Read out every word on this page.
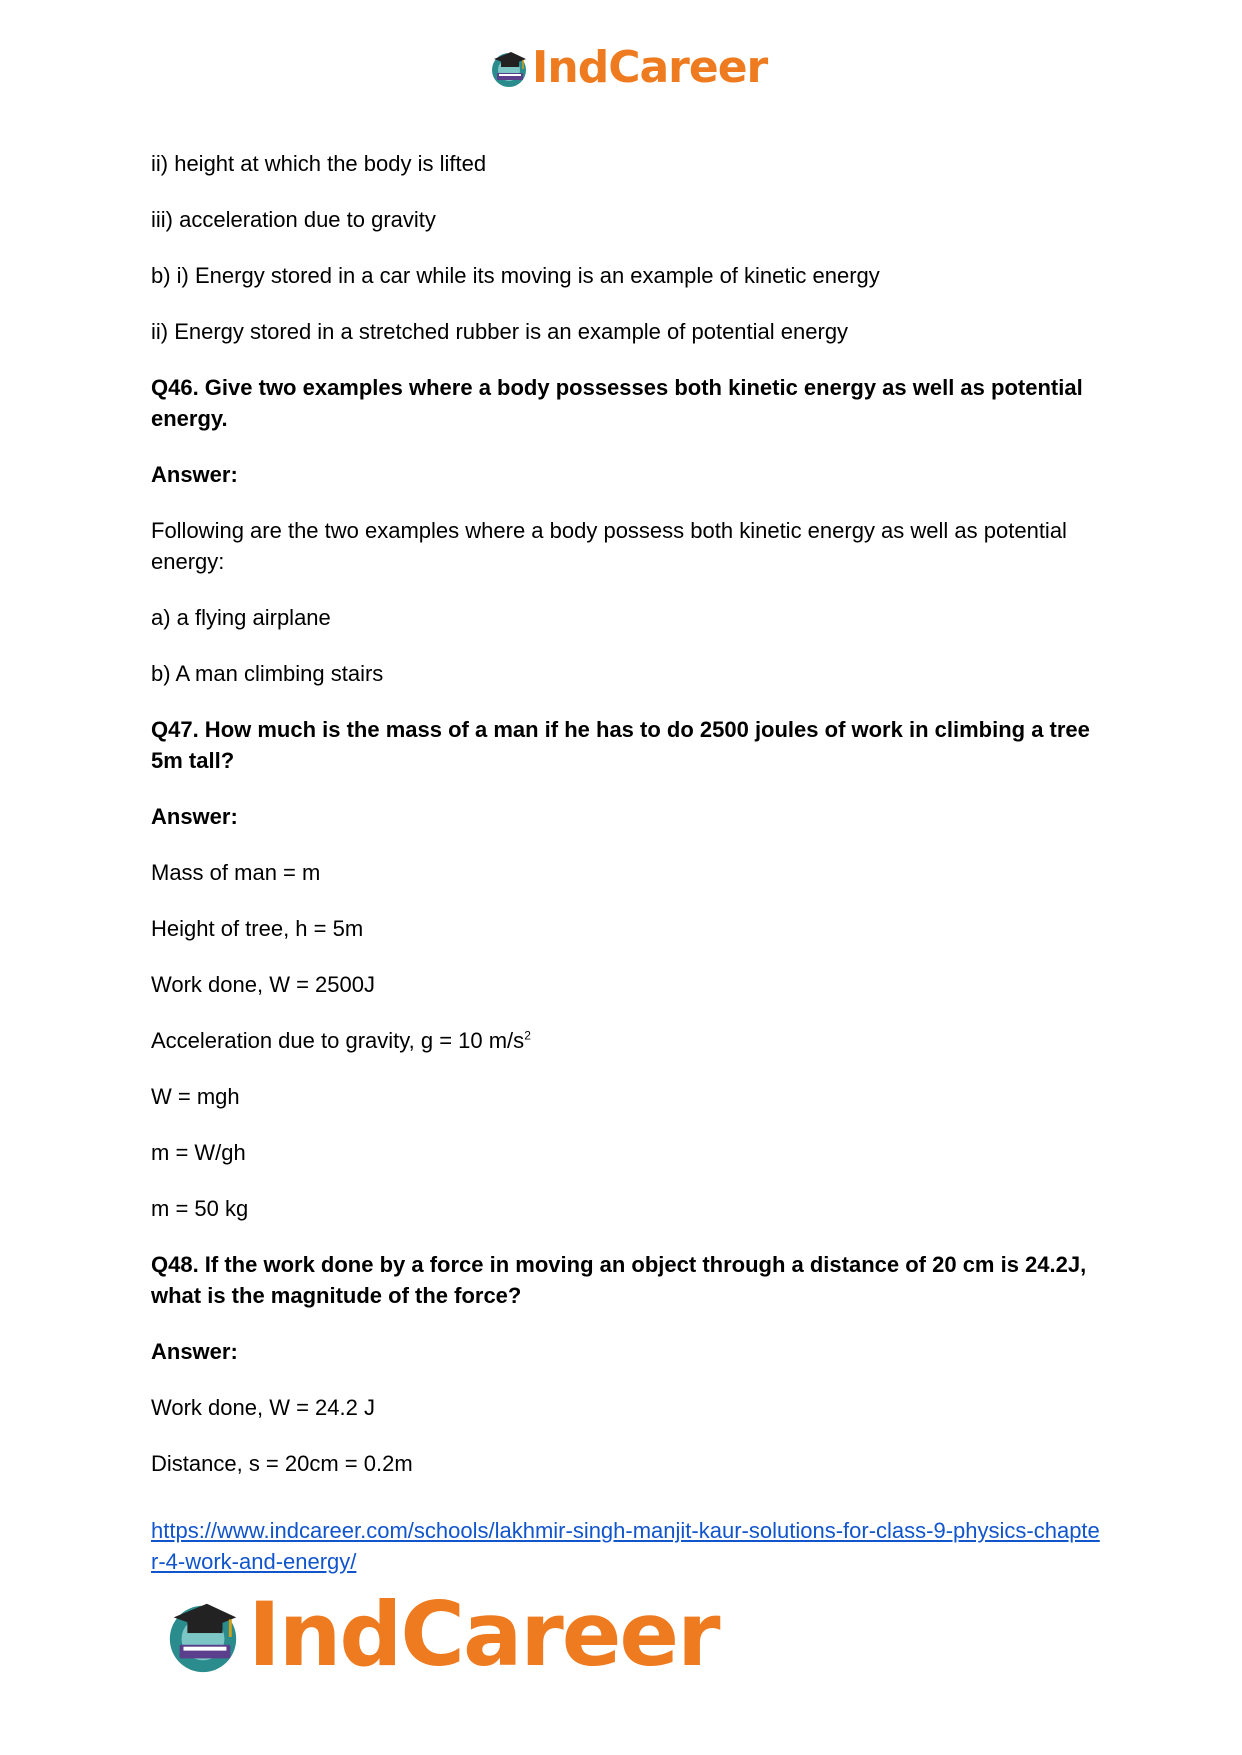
IndCareer

ii) height at which the body is lifted

iii) acceleration due to gravity

b) i) Energy stored in a car while its moving is an example of kinetic energy

ii) Energy stored in a stretched rubber is an example of potential energy

Q46. Give two examples where a body possesses both kinetic energy as well as potential energy.

Answer:

Following are the two examples where a body possess both kinetic energy as well as potential energy:

a) a flying airplane

b) A man climbing stairs

Q47. How much is the mass of a man if he has to do 2500 joules of work in climbing a tree 5m tall?

Answer:

Mass of man = m

Height of tree, h = 5m

Work done, W = 2500J

Acceleration due to gravity, g = 10 $m/s^2$

W = mgh

m = W/gh

m = 50 kg

Q48. If the work done by a force in moving an object through a distance of 20 cm is 24.2J, what is the magnitude of the force?

Answer:

Work done, W = 24.2 J

Distance, s = 20cm = 0.2m

https://www.indcareer.com/schools/lakhmir-singh-manjit-kaur-solutions-for-class-9-physics-chapter-4-work-and-energy/
IndCareer
